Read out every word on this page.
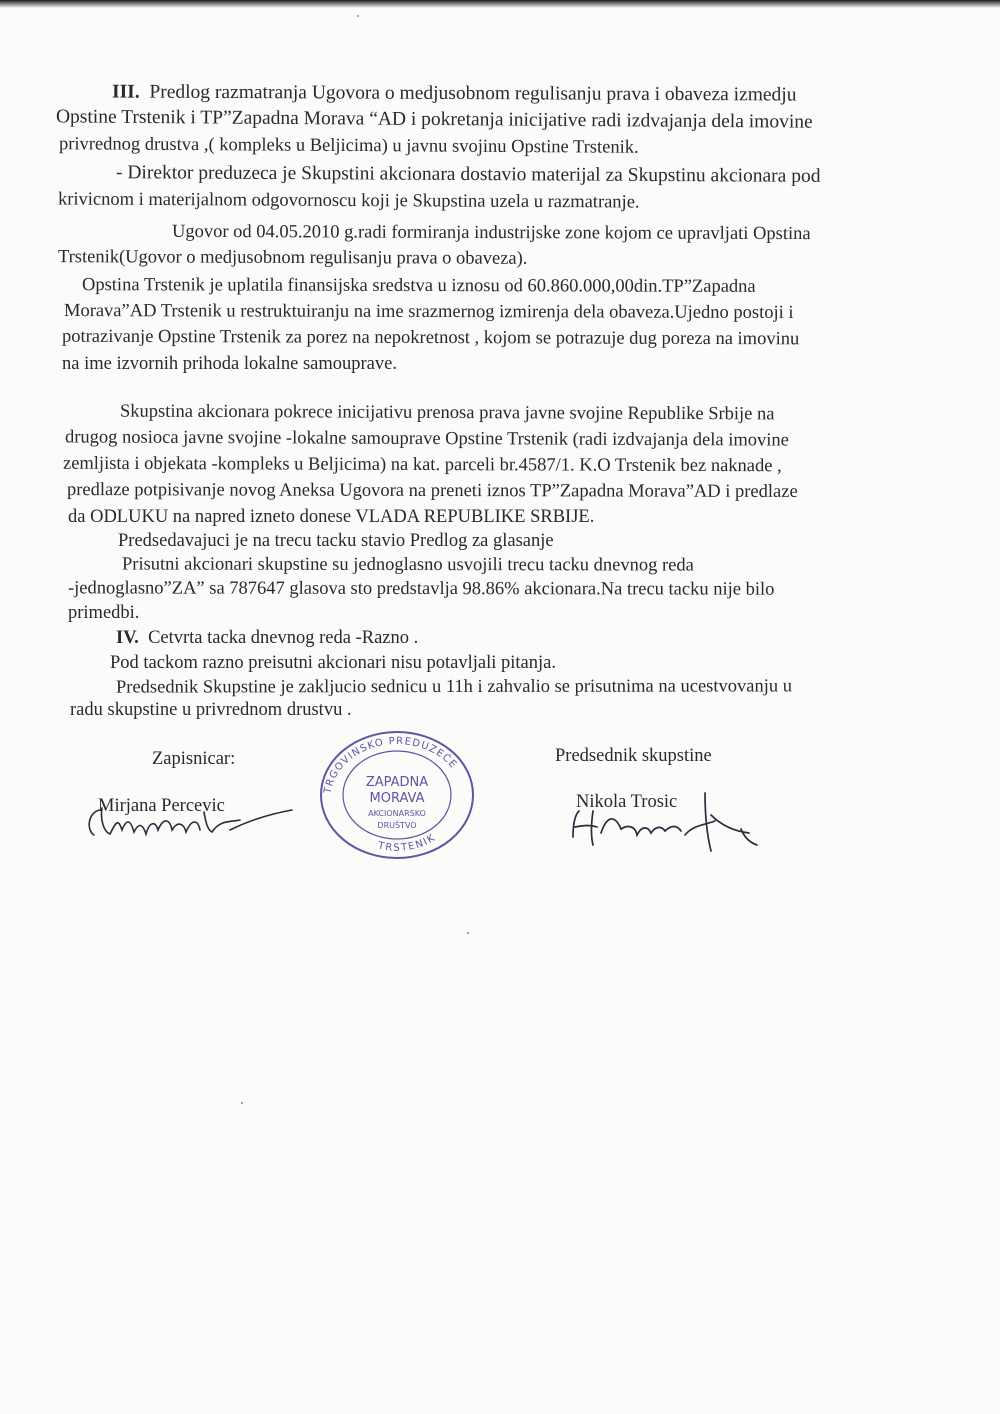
III. Predlog razmatranja Ugovora o medjusobnom regulisanju prava i obaveza izmedju
Opstine Trstenik i TP”Zapadna Morava “AD i pokretanja inicijative radi izdvajanja dela imovine
privrednog drustva ,( kompleks u Beljicima) u javnu svojinu Opstine Trstenik.
- Direktor preduzeca je Skupstini akcionara dostavio materijal za Skupstinu akcionara pod
krivicnom i materijalnom odgovornoscu koji je Skupstina uzela u razmatranje.
Ugovor od 04.05.2010 g.radi formiranja industrijske zone kojom ce upravljati Opstina
Trstenik(Ugovor o medjusobnom regulisanju prava o obaveza).
Opstina Trstenik je uplatila finansijska sredstva u iznosu od 60.860.000,00din.TP”Zapadna
Morava”AD Trstenik u restruktuiranju na ime srazmernog izmirenja dela obaveza.Ujedno postoji i
potrazivanje Opstine Trstenik za porez na nepokretnost , kojom se potrazuje dug poreza na imovinu
na ime izvornih prihoda lokalne samouprave.
Skupstina akcionara pokrece inicijativu prenosa prava javne svojine Republike Srbije na
drugog nosioca javne svojine -lokalne samouprave Opstine Trstenik (radi izdvajanja dela imovine
zemljista i objekata -kompleks u Beljicima) na kat. parceli br.4587/1. K.O Trstenik bez naknade ,
predlaze potpisivanje novog Aneksa Ugovora na preneti iznos TP”Zapadna Morava”AD i predlaze
da ODLUKU na napred izneto donese VLADA REPUBLIKE SRBIJE.
Predsedavajuci je na trecu tacku stavio Predlog za glasanje
Prisutni akcionari skupstine su jednoglasno usvojili trecu tacku dnevnog reda
-jednoglasno”ZA” sa 787647 glasova sto predstavlja 98.86% akcionara.Na trecu tacku nije bilo
primedbi.
IV. Cetvrta tacka dnevnog reda -Razno .
Pod tackom razno preisutni akcionari nisu potavljali pitanja.
Predsednik Skupstine je zakljucio sednicu u 11h i zahvalio se prisutnima na ucestvovanju u
radu skupstine u privrednom drustvu .
Zapisnicar:
Mirjana Percevic
Predsednik skupstine
Nikola Trosic
TRGOVINSKO PREDUZEĆE
TRSTENIK
ZAPADNA
MORAVA
AKCIONARSKO
DRUŠTVO
